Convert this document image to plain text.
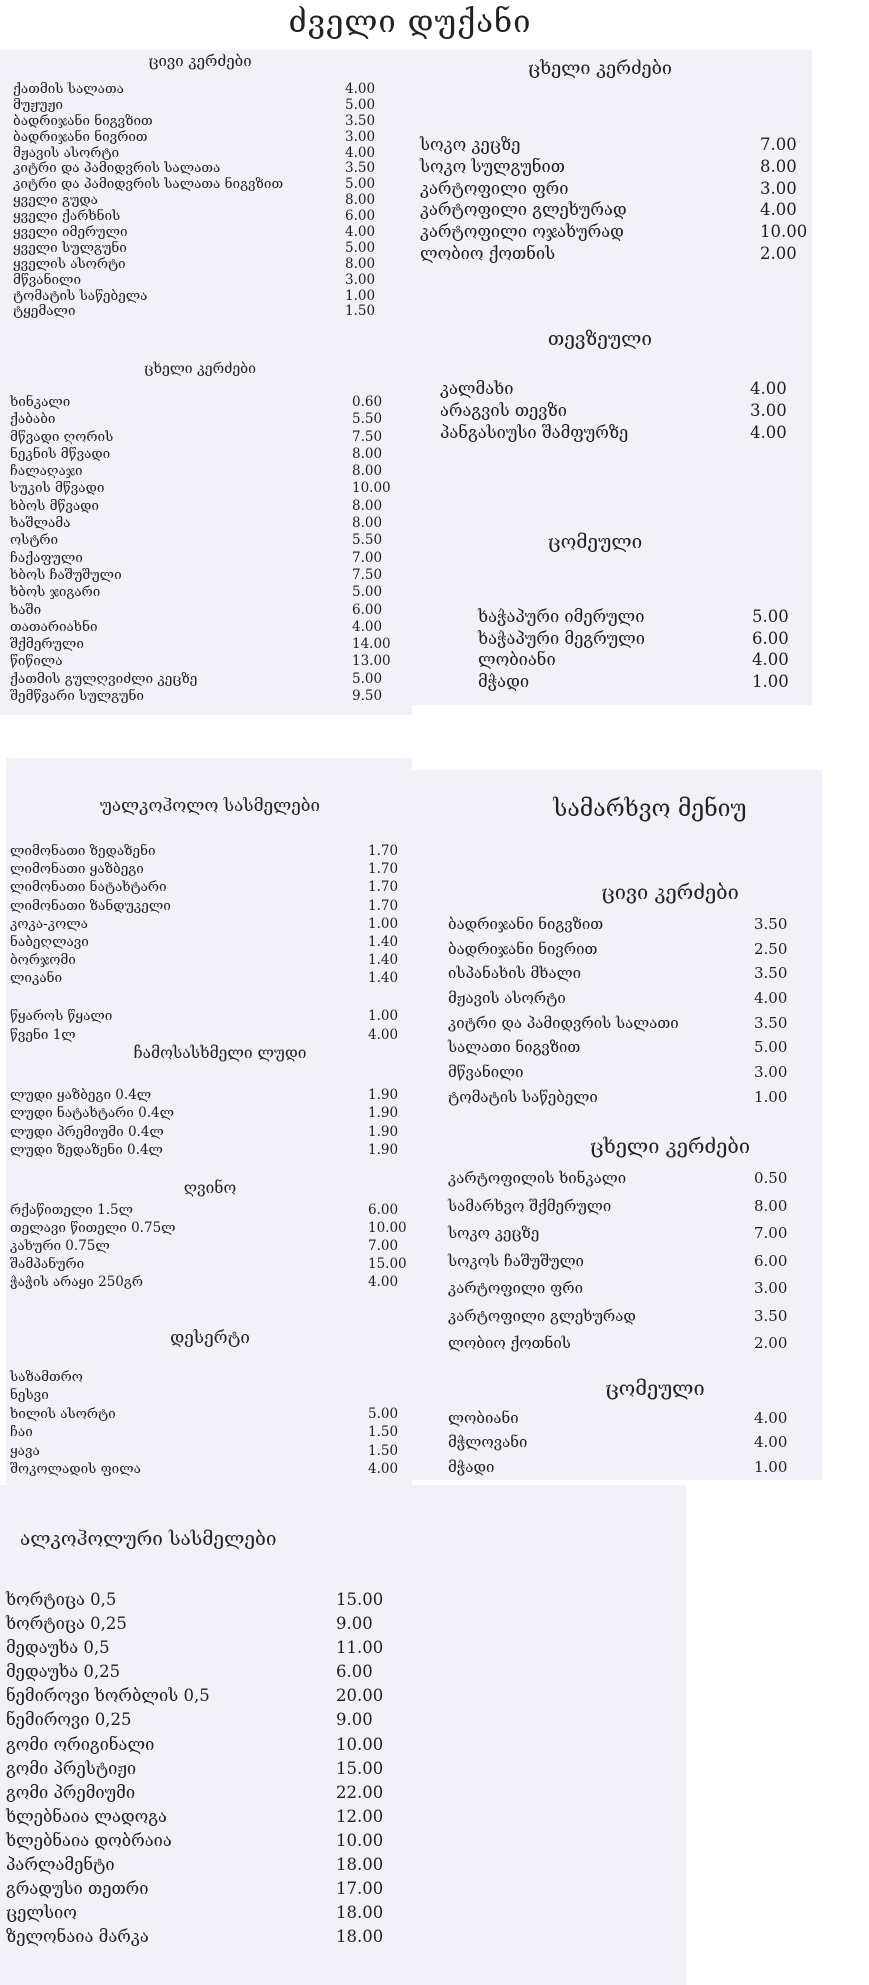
ძველი დუქანი
ცივი კერძები
ქათმის სალათა	4.00
მუჟუჟი	5.00
ბადრიჯანი ნიგვზით	3.50
ბადრიჯანი ნივრით	3.00
მჟავის ასორტი	4.00
კიტრი და პამიდვრის სალათა	3.50
კიტრი და პამიდვრის სალათა ნიგვზით	5.00
ყველი გუდა	8.00
ყველი ქარხნის	6.00
ყველი იმერული	4.00
ყველი სულგუნი	5.00
ყველის ასორტი	8.00
მწვანილი	3.00
ტომატის საწებელა	1.00
ტყემალი	1.50
ცხელი კერძები
ხინკალი	0.60
ქაბაბი	5.50
მწვადი ღორის	7.50
ნეკნის მწვადი	8.00
ჩალაღაჯი	8.00
სუკის მწვადი	10.00
ხბოს მწვადი	8.00
ხაშლამა	8.00
ოსტრი	5.50
ჩაქაფული	7.00
ხბოს ჩაშუშული	7.50
ხბოს ჯიგარი	5.00
ხაში	6.00
თათარიახნი	4.00
შქმერული	14.00
წიწილა	13.00
ქათმის გულღვიძლი კეცზე	5.00
შემწვარი სულგუნი	9.50
ცხელი კერძები
სოკო კეცზე	7.00
სოკო სულგუნით	8.00
კარტოფილი ფრი	3.00
კარტოფილი გლეხურად	4.00
კარტოფილი ოჯახურად	10.00
ლობიო ქოთნის	2.00
თევზეული
კალმახი	4.00
არაგვის თევზი	3.00
პანგასიუსი შამფურზე	4.00
ცომეული
ხაჭაპური იმერული	5.00
ხაჭაპური მეგრული	6.00
ლობიანი	4.00
მჭადი	1.00
უალკოჰოლო სასმელები
ლიმონათი ზედაზენი	1.70
ლიმონათი ყაზბეგი	1.70
ლიმონათი ნატახტარი	1.70
ლიმონათი ზანდუკელი	1.70
კოკა-კოლა	1.00
ნაბეღლავი	1.40
ბორჯომი	1.40
ლიკანი	1.40
წყაროს წყალი	1.00
წვენი 1ლ	4.00
ჩამოსასხმელი ლუდი
ლუდი ყაზბეგი 0.4ლ	1.90
ლუდი ნატახტარი 0.4ლ	1.90
ლუდი პრემიუმი 0.4ლ	1.90
ლუდი ზედაზენი 0.4ლ	1.90
ღვინო
რქაწითელი 1.5ლ	6.00
თელავი წითელი 0.75ლ	10.00
კახური 0.75ლ	7.00
შამპანური	15.00
ჭაჭის არაყი 250გრ	4.00
დესერტი
საზამთრო
ნესვი
ხილის ასორტი	5.00
ჩაი	1.50
ყავა	1.50
შოკოლადის ფილა	4.00
სამარხვო მენიუ
ცივი კერძები
ბადრიჯანი ნიგვზით	3.50
ბადრიჯანი ნივრით	2.50
ისპანახის მხალი	3.50
მჟავის ასორტი	4.00
კიტრი და პამიდვრის სალათი	3.50
სალათი ნიგვზით	5.00
მწვანილი	3.00
ტომატის საწებელი	1.00
ცხელი კერძები
კარტოფილის ხინკალი	0.50
სამარხვო შქმერული	8.00
სოკო კეცზე	7.00
სოკოს ჩაშუშული	6.00
კარტოფილი ფრი	3.00
კარტოფილი გლეხურად	3.50
ლობიო ქოთნის	2.00
ცომეული
ლობიანი	4.00
მჭლოვანი	4.00
მჭადი	1.00
ალკოჰოლური სასმელები
ხორტიცა 0,5	15.00
ხორტიცა 0,25	9.00
მედაუხა 0,5	11.00
მედაუხა 0,25	6.00
ნემიროვი ხორბლის 0,5	20.00
ნემიროვი 0,25	9.00
გომი ორიგინალი	10.00
გომი პრესტიჟი	15.00
გომი პრემიუმი	22.00
ხლებნაია ლადოგა	12.00
ხლებნაია დობრაია	10.00
პარლამენტი	18.00
გრადუსი თეთრი	17.00
ცელსიო	18.00
ზელონაია მარკა	18.00
